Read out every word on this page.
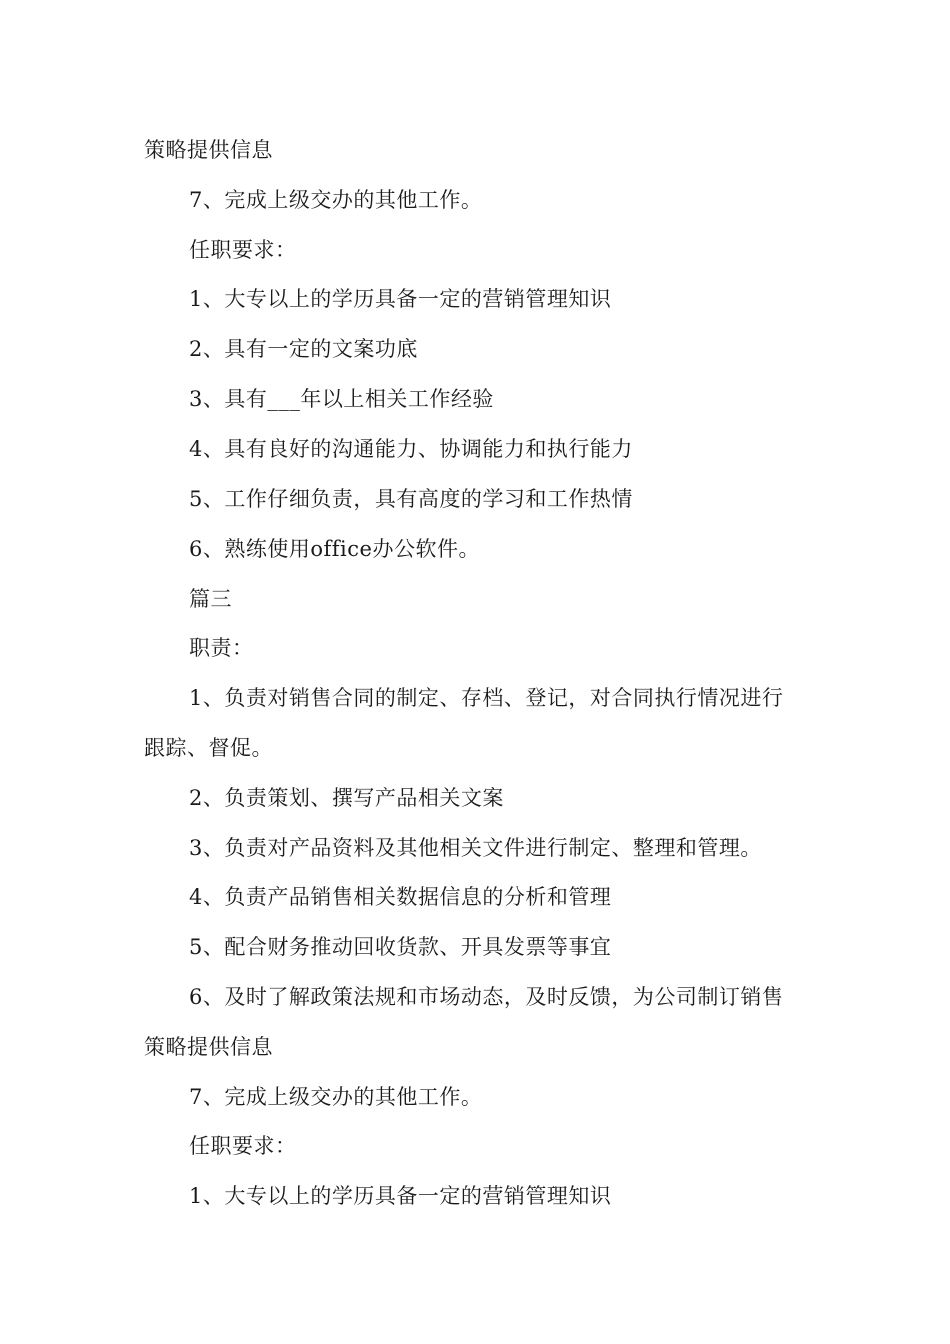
策略提供信息
7、完成上级交办的其他工作。
任职要求：
1、大专以上的学历具备一定的营销管理知识
2、具有一定的文案功底
3、具有___年以上相关工作经验
4、具有良好的沟通能力、协调能力和执行能力
5、工作仔细负责，具有高度的学习和工作热情
6、熟练使用office办公软件。
篇三
职责：
1、负责对销售合同的制定、存档、登记，对合同执行情况进行
跟踪、督促。
2、负责策划、撰写产品相关文案
3、负责对产品资料及其他相关文件进行制定、整理和管理。
4、负责产品销售相关数据信息的分析和管理
5、配合财务推动回收货款、开具发票等事宜
6、及时了解政策法规和市场动态，及时反馈，为公司制订销售
策略提供信息
7、完成上级交办的其他工作。
任职要求：
1、大专以上的学历具备一定的营销管理知识
